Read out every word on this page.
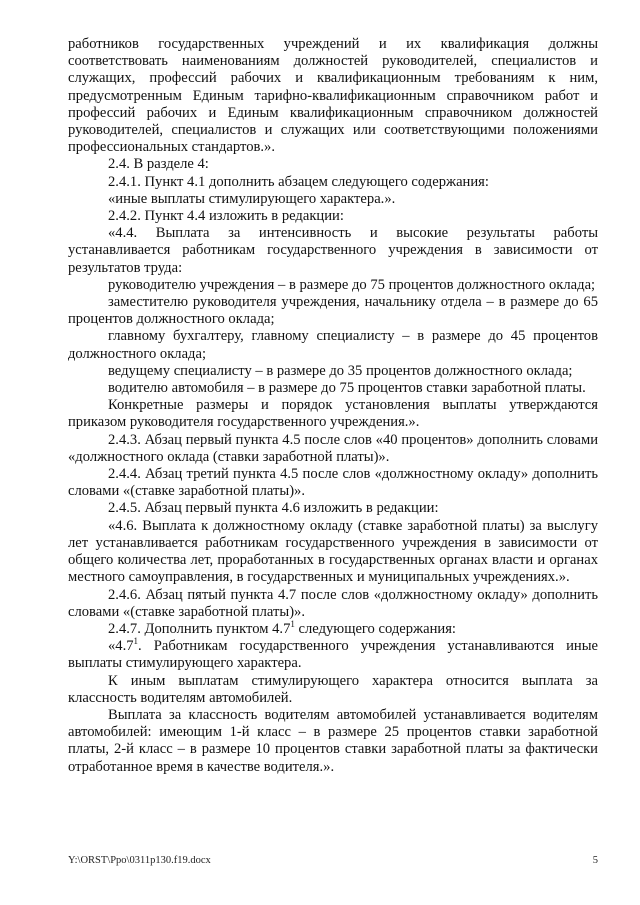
работников государственных учреждений и их квалификация должны соответствовать наименованиям должностей руководителей, специалистов и служащих, профессий рабочих и квалификационным требованиям к ним, предусмотренным Единым тарифно-квалификационным справочником работ и профессий рабочих и Единым квалификационным справочником должностей руководителей, специалистов и служащих или соответствующими положениями профессиональных стандартов.».

2.4. В разделе 4:

2.4.1. Пункт 4.1 дополнить абзацем следующего содержания:

«иные выплаты стимулирующего характера.».

2.4.2. Пункт 4.4 изложить в редакции:

«4.4. Выплата за интенсивность и высокие результаты работы устанавливается работникам государственного учреждения в зависимости от результатов труда:

руководителю учреждения – в размере до 75 процентов должностного оклада;

заместителю руководителя учреждения, начальнику отдела – в размере до 65 процентов должностного оклада;

главному бухгалтеру, главному специалисту – в размере до 45 процентов должностного оклада;

ведущему специалисту – в размере до 35 процентов должностного оклада;

водителю автомобиля – в размере до 75 процентов ставки заработной платы.

Конкретные размеры и порядок установления выплаты утверждаются приказом руководителя государственного учреждения.».

2.4.3. Абзац первый пункта 4.5 после слов «40 процентов» дополнить словами «должностного оклада (ставки заработной платы)».

2.4.4. Абзац третий пункта 4.5 после слов «должностному окладу» дополнить словами «(ставке заработной платы)».

2.4.5. Абзац первый пункта 4.6 изложить в редакции:

«4.6. Выплата к должностному окладу (ставке заработной платы) за выслугу лет устанавливается работникам государственного учреждения в зависимости от общего количества лет, проработанных в государственных органах власти и органах местного самоуправления, в государственных и муниципальных учреждениях.».

2.4.6. Абзац пятый пункта 4.7 после слов «должностному окладу» дополнить словами «(ставке заработной платы)».

2.4.7. Дополнить пунктом $4.7^1$ следующего содержания:

«$4.7^1$. Работникам государственного учреждения устанавливаются иные выплаты стимулирующего характера.

К иным выплатам стимулирующего характера относится выплата за классность водителям автомобилей.

Выплата за классность водителям автомобилей устанавливается водителям автомобилей: имеющим 1-й класс – в размере 25 процентов ставки заработной платы, 2-й класс – в размере 10 процентов ставки заработной платы за фактически отработанное время в качестве водителя.».

Y:\ORST\Ppo\0311p130.f19.docx	5
